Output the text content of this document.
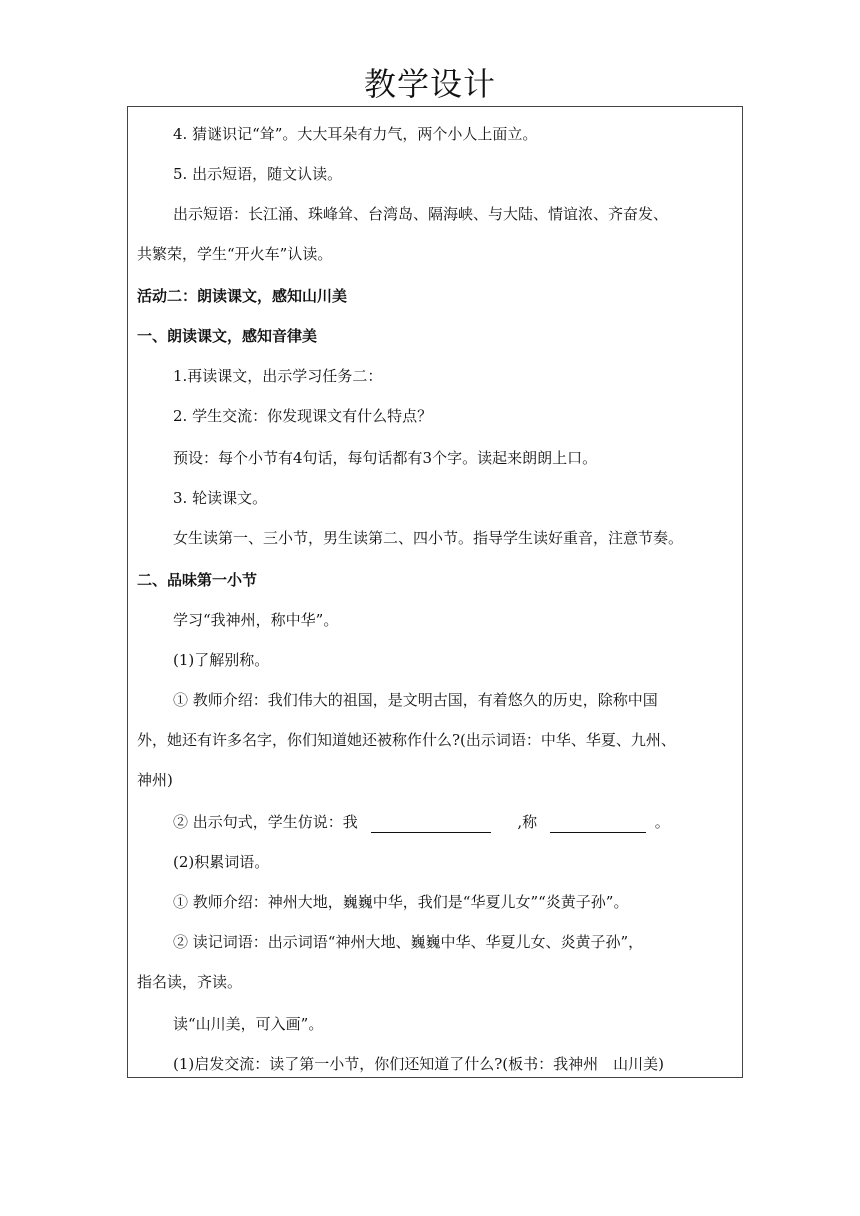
教学设计
4. 猜谜识记“耸”。大大耳朵有力气，两个小人上面立。
5. 出示短语，随文认读。
出示短语：长江涌、珠峰耸、台湾岛、隔海峡、与大陆、情谊浓、齐奋发、
共繁荣，学生“开火车”认读。
活动二：朗读课文，感知山川美
一、朗读课文，感知音律美
1.再读课文，出示学习任务二：
2. 学生交流：你发现课文有什么特点？
预设：每个小节有4句话，每句话都有3个字。读起来朗朗上口。
3. 轮读课文。
女生读第一、三小节，男生读第二、四小节。指导学生读好重音，注意节奏。
二、品味第一小节
学习“我神州，称中华”。
(1)了解别称。
① 教师介绍：我们伟大的祖国，是文明古国，有着悠久的历史，除称中国
外，她还有许多名字，你们知道她还被称作什么?(出示词语：中华、华夏、九州、
神州)
② 出示句式，学生仿说：我	,称	。
(2)积累词语。
① 教师介绍：神州大地，巍巍中华，我们是“华夏儿女”“炎黄子孙”。
② 读记词语：出示词语“神州大地、巍巍中华、华夏儿女、炎黄子孙”，
指名读，齐读。
读“山川美，可入画”。
(1)启发交流：读了第一小节，你们还知道了什么?(板书：我神州　山川美)
